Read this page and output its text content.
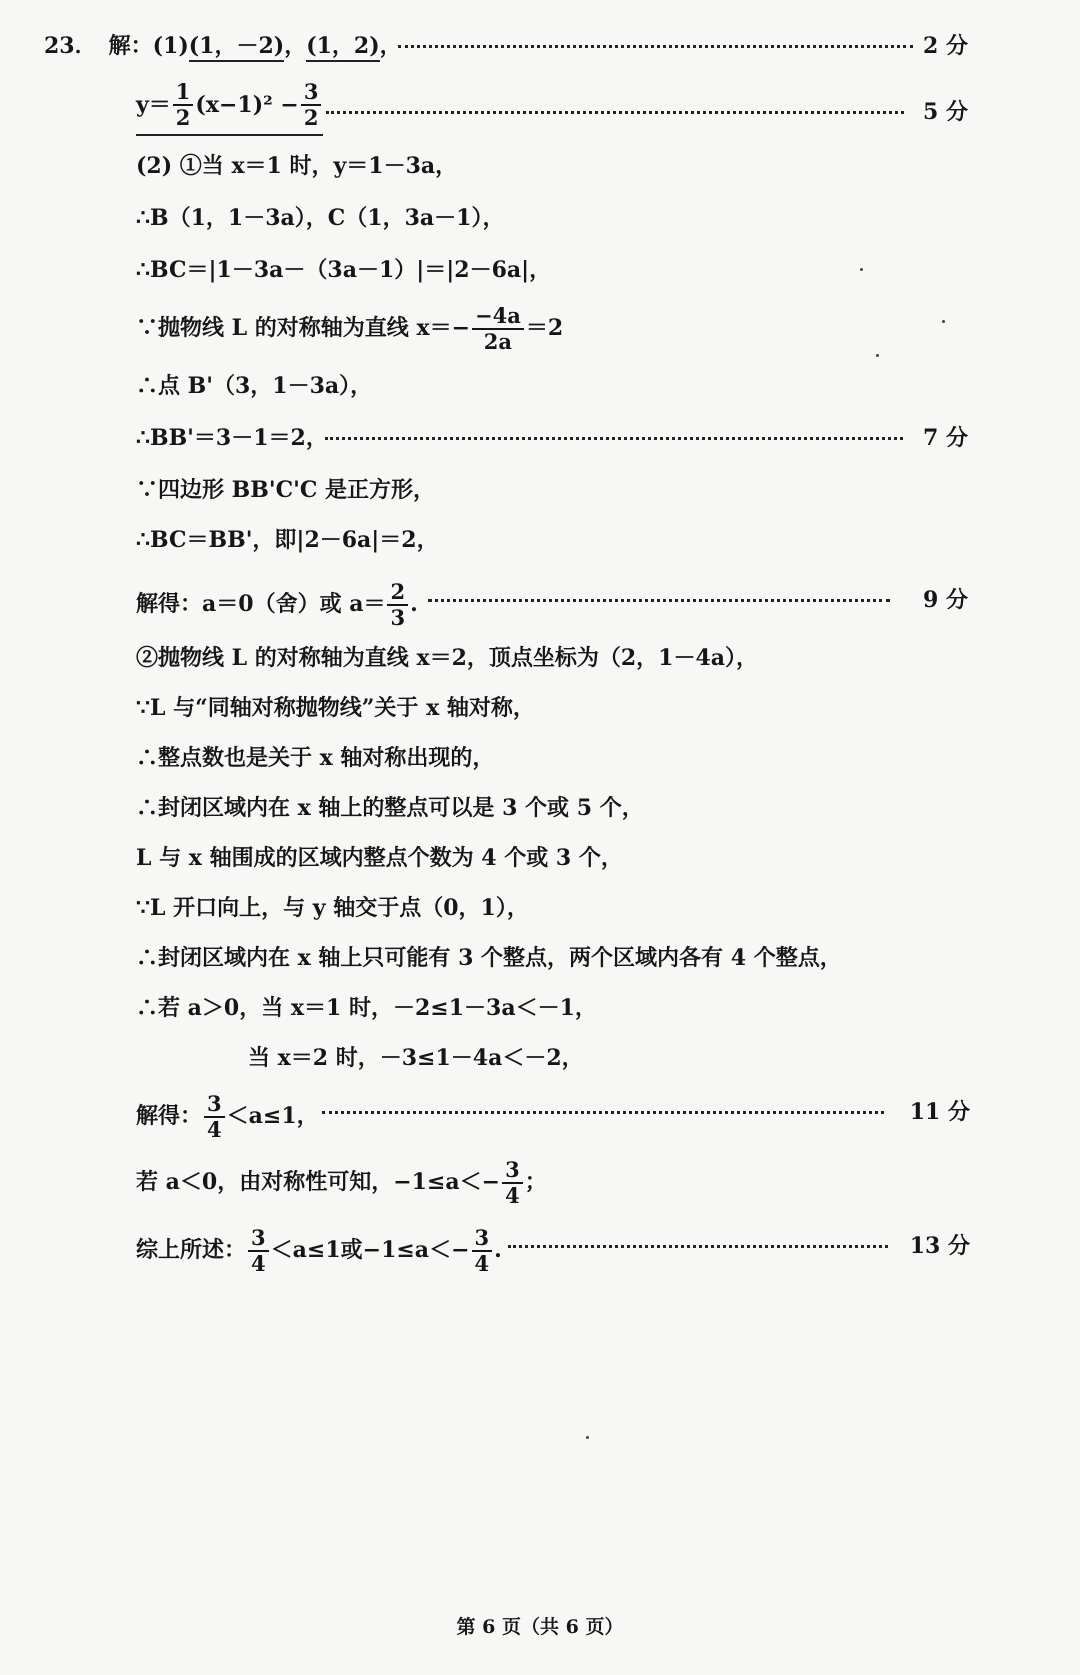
23． 解：(1)(1，－2)，(1，2)，	2 分
$y= \frac{1}{2} (x-1)^2 - \frac{3}{2}$	5 分
(2) ①当 x＝1 时，y＝1－3a，
∴B（1，1－3a），C（1，3a－1），
∴BC＝|1－3a－（3a－1）|＝|2－6a|，
∵抛物线 L 的对称轴为直线 $x=- \frac{-4a}{2a} =2$
∴点 B'（3，1－3a），
∴BB'＝3－1＝2，	7 分
∵四边形 BB'C'C 是正方形，
∴BC＝BB'，即|2－6a|＝2，
解得：a＝0（舍）或 $a= \frac{2}{3}$ .	9 分
②抛物线 L 的对称轴为直线 x＝2，顶点坐标为（2，1－4a），
∵L 与“同轴对称抛物线”关于 x 轴对称，
∴整点数也是关于 x 轴对称出现的，
∴封闭区域内在 x 轴上的整点可以是 3 个或 5 个，
L 与 x 轴围成的区域内整点个数为 4 个或 3 个，
∵L 开口向上，与 y 轴交于点（0，1），
∴封闭区域内在 x 轴上只可能有 3 个整点，两个区域内各有 4 个整点，
∴若 a＞0，当 x＝1 时，－2≤1－3a＜－1，
当 x＝2 时，－3≤1－4a＜－2，
解得： $\frac{3}{4} <a\le 1$，	11 分
若 a＜0，由对称性可知，$-1\le a<- \frac{3}{4}$ ；
综上所述： $\frac{3}{4} <a\le 1$或$-1\le a<- \frac{3}{4}$ .	13 分
第 6 页（共 6 页）
